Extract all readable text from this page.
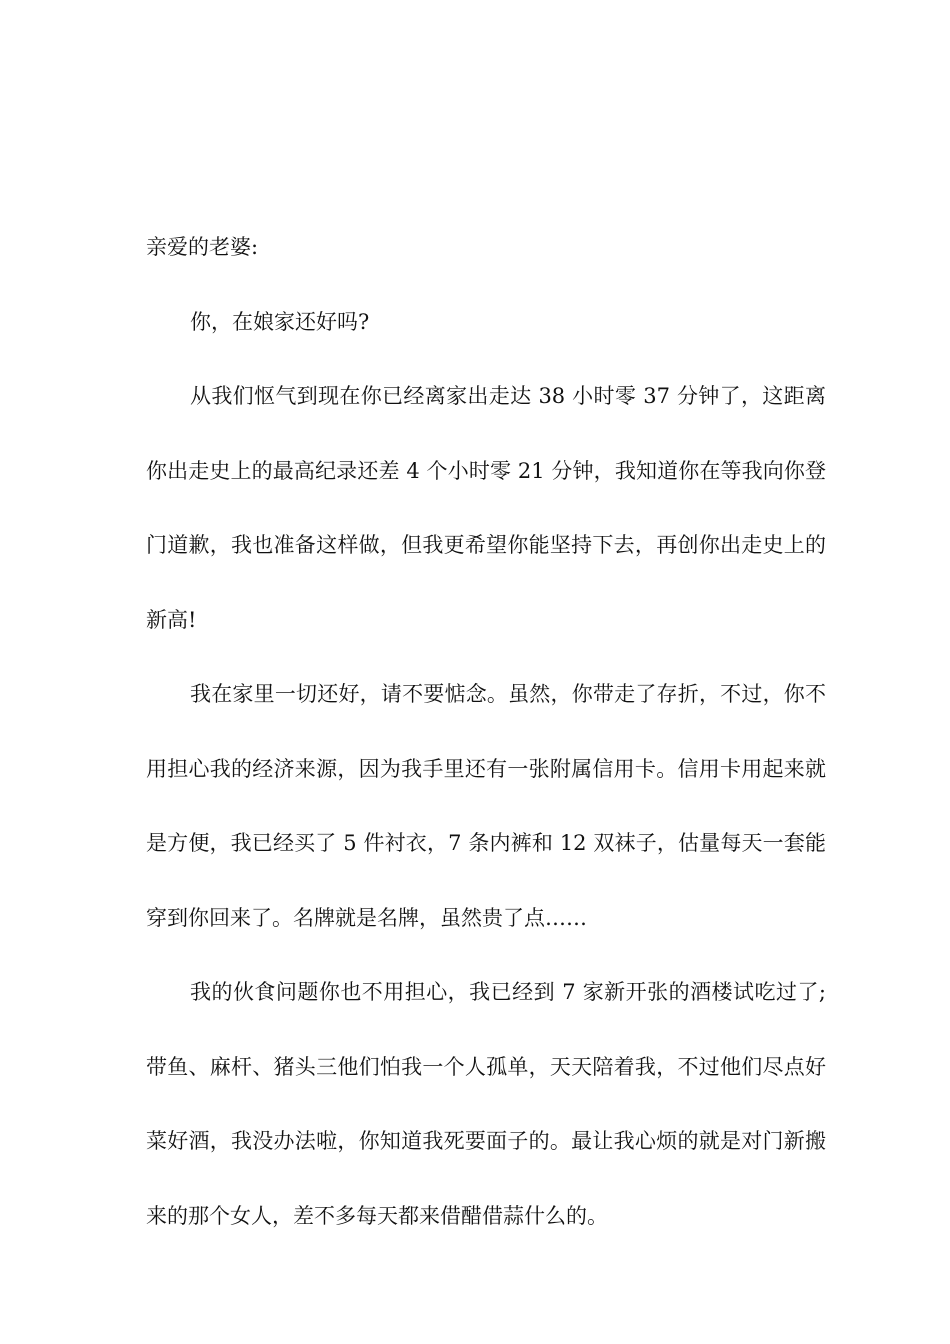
亲爱的老婆:

你，在娘家还好吗?

从我们怄气到现在你已经离家出走达 38 小时零 37 分钟了，这距离你出走史上的最高纪录还差 4 个小时零 21 分钟，我知道你在等我向你登门道歉，我也准备这样做，但我更希望你能坚持下去，再创你出走史上的新高!

我在家里一切还好，请不要惦念。虽然，你带走了存折，不过，你不用担心我的经济来源，因为我手里还有一张附属信用卡。信用卡用起来就是方便，我已经买了 5 件衬衣，7 条内裤和 12 双袜子，估量每天一套能穿到你回来了。名牌就是名牌，虽然贵了点……

我的伙食问题你也不用担心，我已经到 7 家新开张的酒楼试吃过了;带鱼、麻杆、猪头三他们怕我一个人孤单，天天陪着我，不过他们尽点好菜好酒，我没办法啦，你知道我死要面子的。最让我心烦的就是对门新搬来的那个女人，差不多每天都来借醋借蒜什么的。
